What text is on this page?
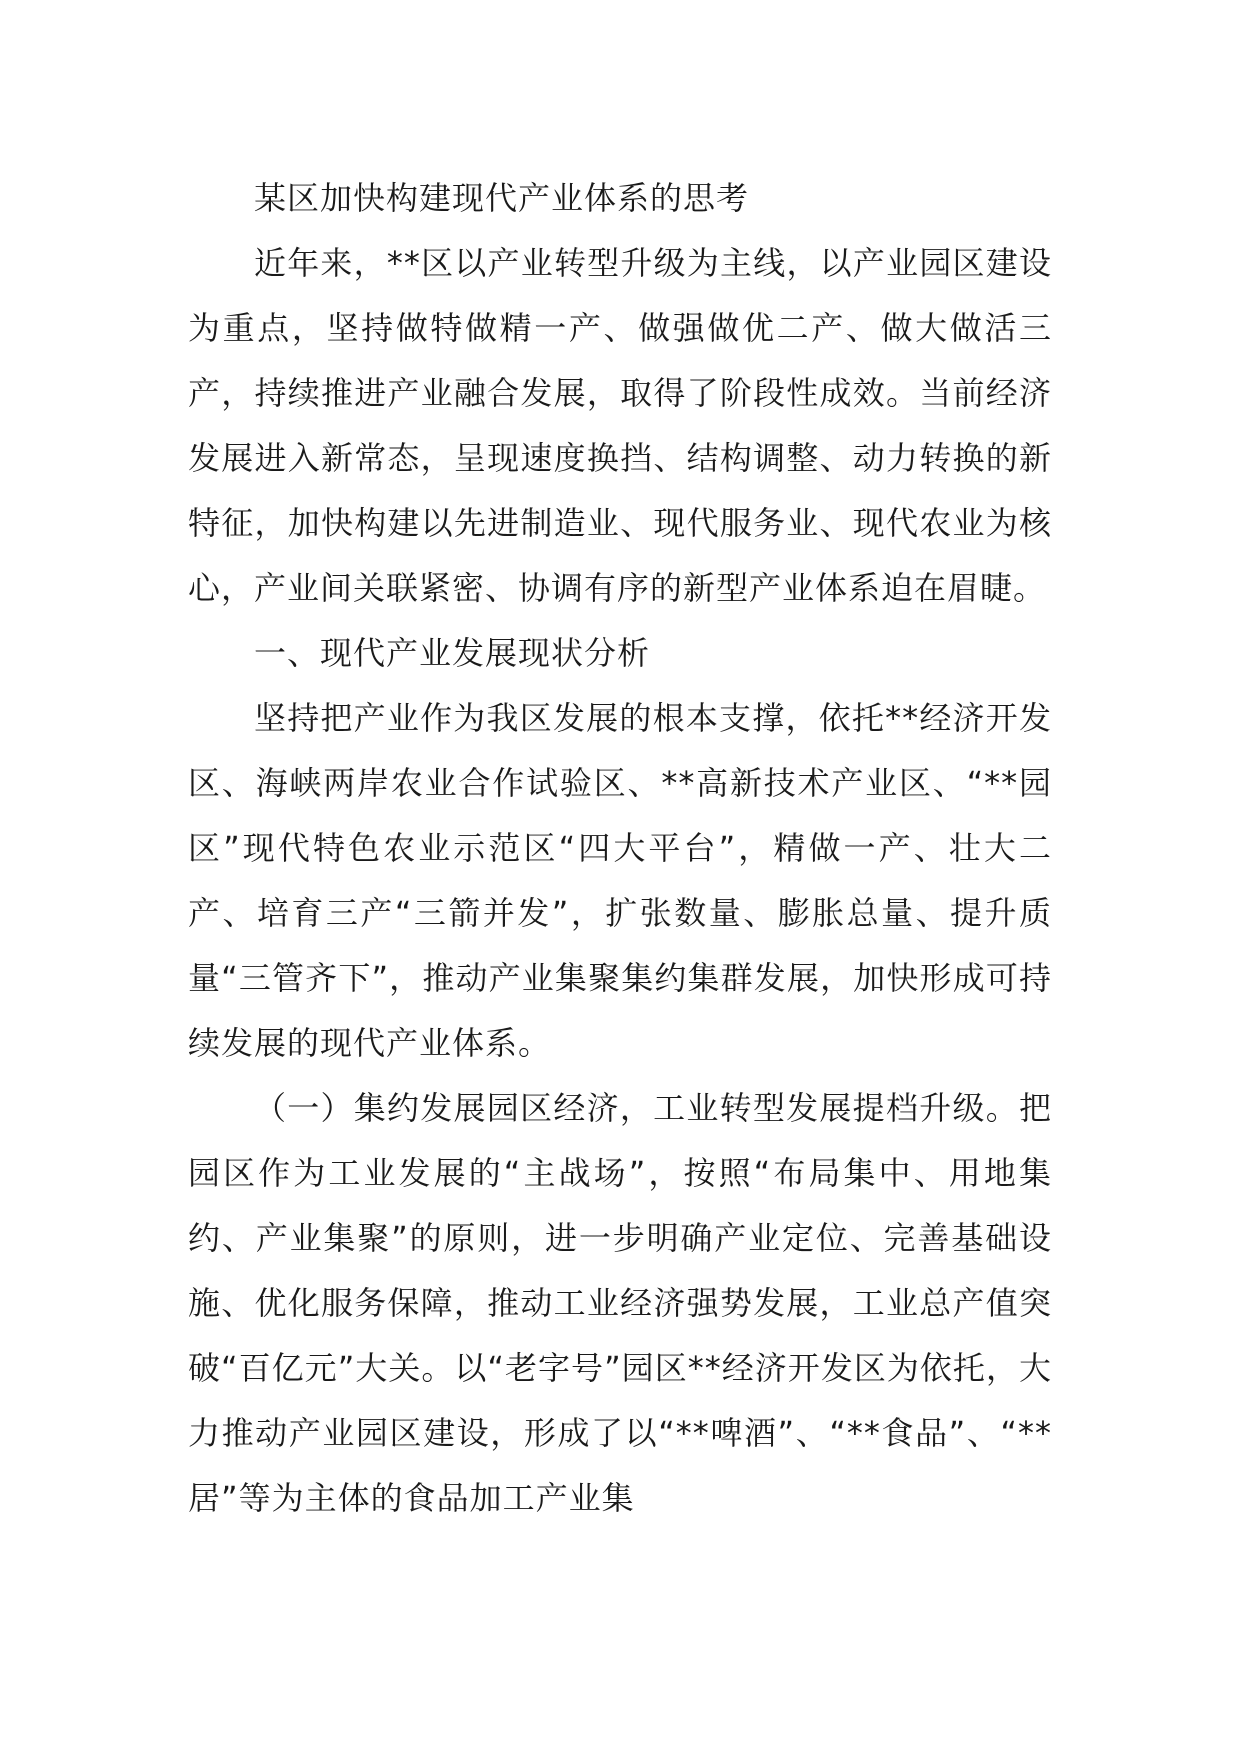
某区加快构建现代产业体系的思考

近年来，**区以产业转型升级为主线，以产业园区建设为重点，坚持做特做精一产、做强做优二产、做大做活三产，持续推进产业融合发展，取得了阶段性成效。当前经济发展进入新常态，呈现速度换挡、结构调整、动力转换的新特征，加快构建以先进制造业、现代服务业、现代农业为核心，产业间关联紧密、协调有序的新型产业体系迫在眉睫。

一、现代产业发展现状分析

坚持把产业作为我区发展的根本支撑，依托**经济开发区、海峡两岸农业合作试验区、**高新技术产业区、“**园区”现代特色农业示范区“四大平台”，精做一产、壮大二产、培育三产“三箭并发”，扩张数量、膨胀总量、提升质量“三管齐下”，推动产业集聚集约集群发展，加快形成可持续发展的现代产业体系。

（一）集约发展园区经济，工业转型发展提档升级。把园区作为工业发展的“主战场”，按照“布局集中、用地集约、产业集聚”的原则，进一步明确产业定位、完善基础设施、优化服务保障，推动工业经济强势发展，工业总产值突破“百亿元”大关。以“老字号”园区**经济开发区为依托，大力推动产业园区建设，形成了以“**啤酒”、“**食品”、“**居”等为主体的食品加工产业集
